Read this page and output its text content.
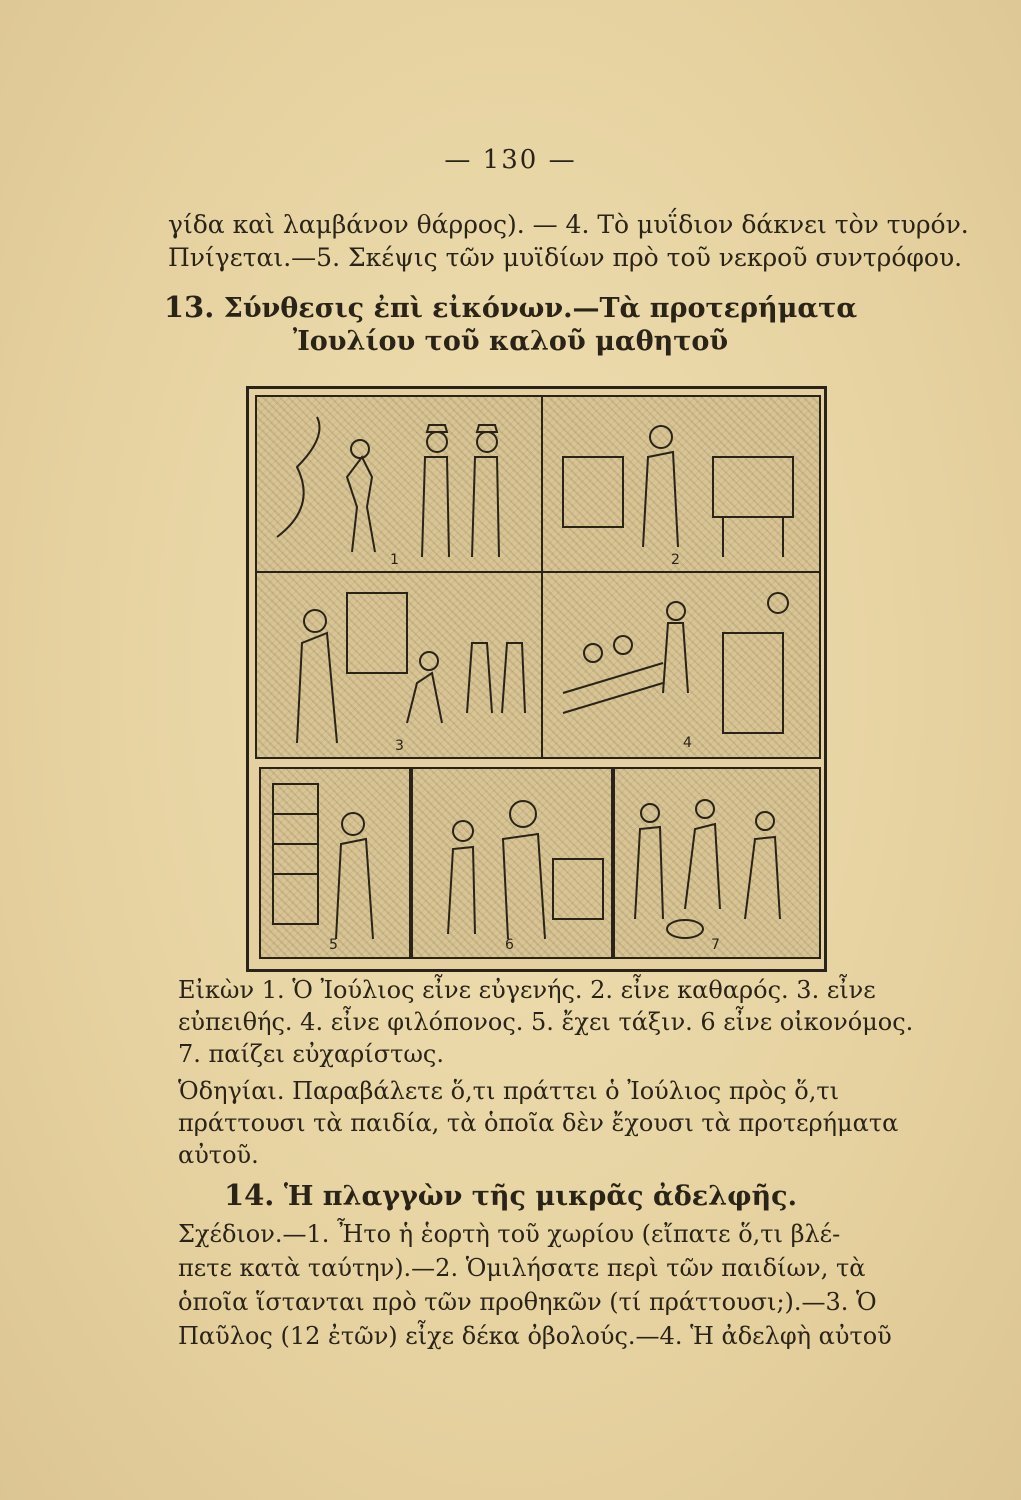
— 130 —
γίδα καὶ λαμβάνον θάρρος). — 4. Τὸ μυΐδιον δάκνει τὸν τυρόν.
Πνίγεται.—5. Σκέψις τῶν μυϊδίων πρὸ τοῦ νεκροῦ συντρόφου.
13. Σύνθεσις ἐπὶ εἰκόνων.—Τὰ προτερήματα
Ἰουλίου τοῦ καλοῦ μαθητοῦ
1	2
3	4
5	6	7
Εἰκὼν 1. Ὁ Ἰούλιος εἶνε εὐγενής. 2. εἶνε καθαρός. 3. εἶνε
εὐπειθής. 4. εἶνε φιλόπονος. 5. ἔχει τάξιν. 6 εἶνε οἰκονόμος.
7. παίζει εὐχαρίστως.
Ὁδηγίαι. Παραβάλετε ὅ,τι πράττει ὁ Ἰούλιος πρὸς ὅ,τι
πράττουσι τὰ παιδία, τὰ ὁποῖα δὲν ἔχουσι τὰ προτερήματα
αὐτοῦ.
14. Ἡ πλαγγὼν τῆς μικρᾶς ἀδελφῆς.
Σχέδιον.—1. Ἦτο ἡ ἑορτὴ τοῦ χωρίου (εἴπατε ὅ,τι βλέ-
πετε κατὰ ταύτην).—2. Ὁμιλήσατε περὶ τῶν παιδίων, τὰ
ὁποῖα ἵστανται πρὸ τῶν προθηκῶν (τί πράττουσι;).—3. Ὁ
Παῦλος (12 ἐτῶν) εἶχε δέκα ὀβολούς.—4. Ἡ ἀδελφὴ αὐτοῦ
